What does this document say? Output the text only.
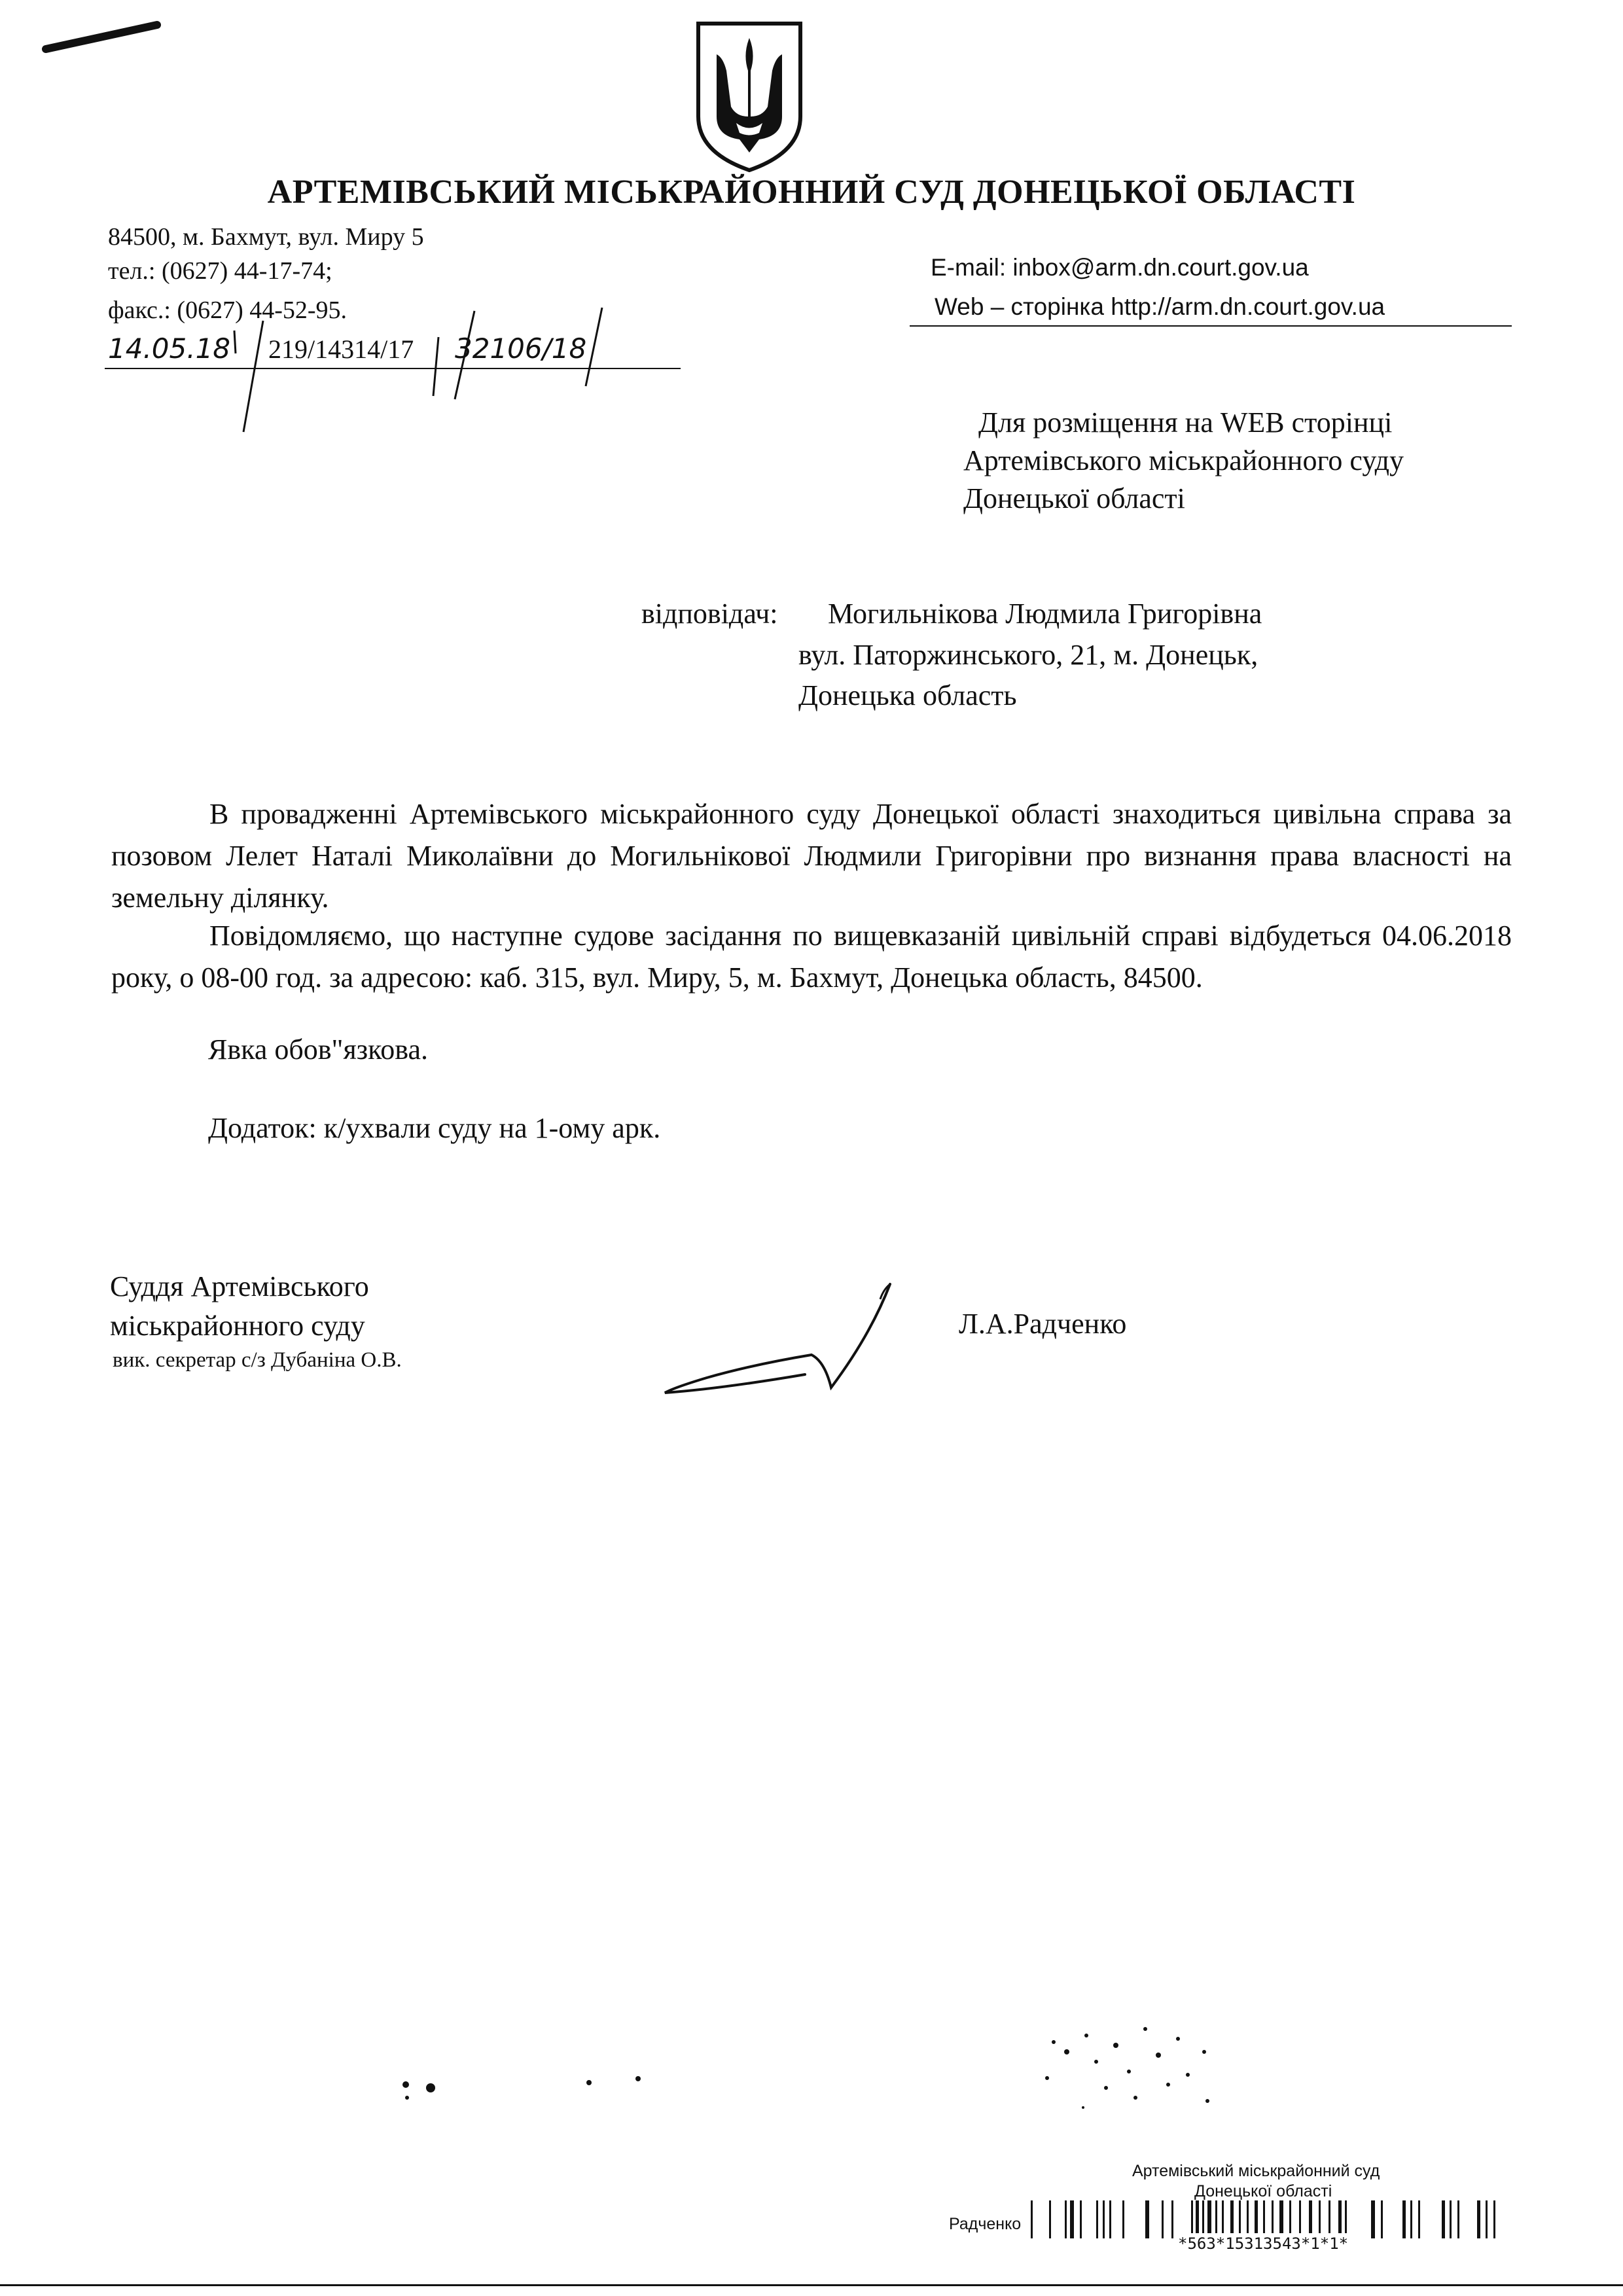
АРТЕМІВСЬКИЙ МІСЬКРАЙОННИЙ СУД ДОНЕЦЬКОЇ ОБЛАСТІ
84500, м. Бахмут, вул. Миру 5
тел.: (0627) 44-17-74;
факс.: (0627) 44-52-95.
E-mail: inbox@arm.dn.court.gov.ua
Web – сторінка http://arm.dn.court.gov.ua
14.05.18 219/14314/17 32106/18
Для розміщення на WEB сторінці
Артемівського міськрайонного суду
Донецької області
відповідач: Могильнікова Людмила Григорівна
вул. Паторжинського, 21, м. Донецьк,
Донецька область
В провадженні Артемівського міськрайонного суду Донецької області знаходиться цивільна справа за позовом Лелет Наталі Миколаївни до Могильнікової Людмили Григорівни про визнання права власності на земельну ділянку.
Повідомляємо, що наступне судове засідання по вищевказаній цивільній справі відбудеться 04.06.2018 року, о 08-00 год. за адресою: каб. 315, вул. Миру, 5, м. Бахмут, Донецька область, 84500.
Явка обов"язкова.
Додаток: к/ухвали суду на 1-ому арк.
Суддя Артемівського
міськрайонного суду
вик. секретар с/з Дубаніна О.В.
Л.А.Радченко
Артемівський міськрайонний суд
Донецької області
Радченко
*563*15313543*1*1*
